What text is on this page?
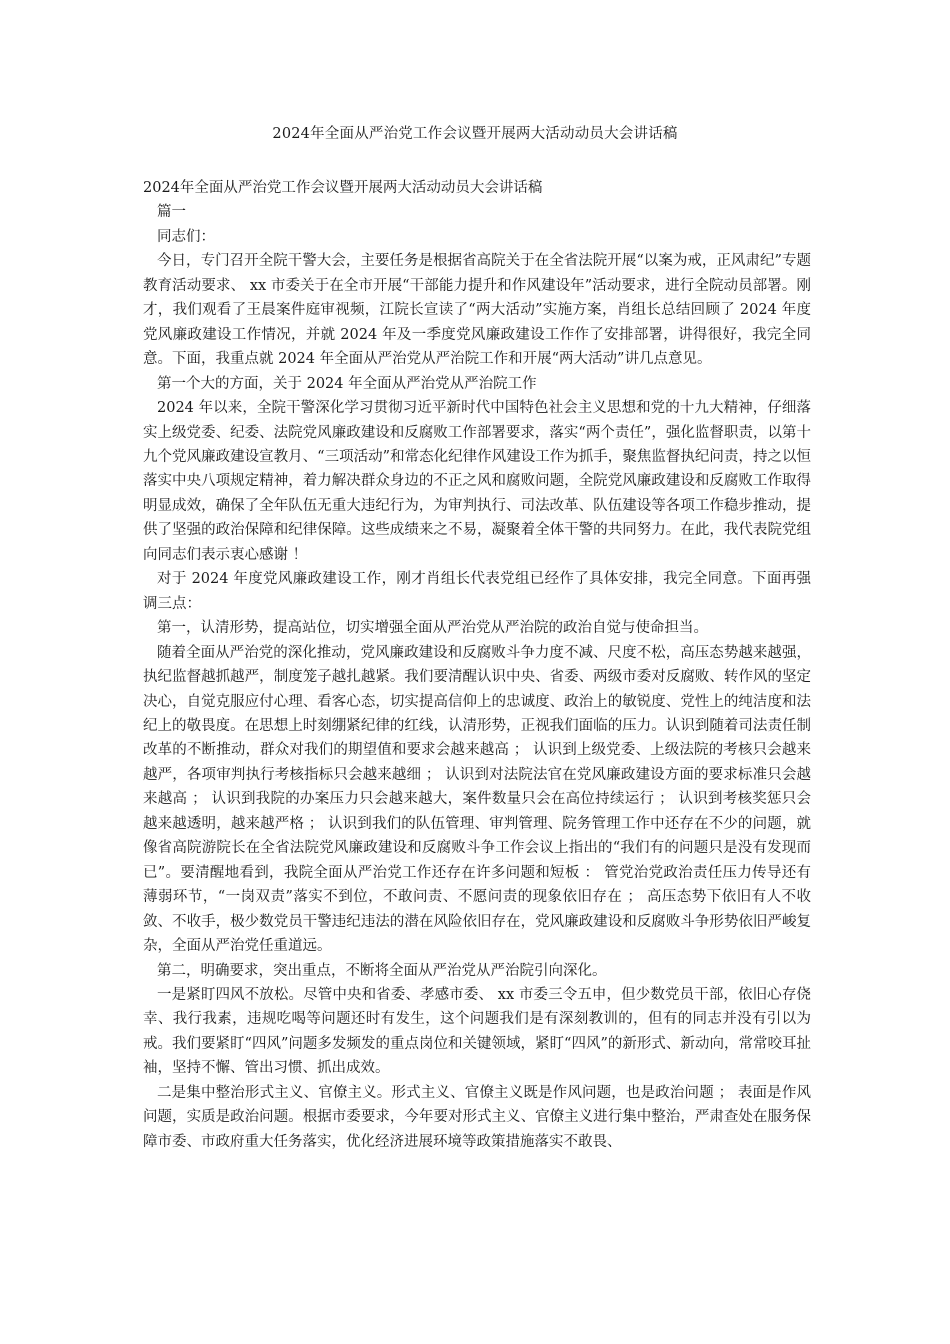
2024年全面从严治党工作会议暨开展两大活动动员大会讲话稿

2024年全面从严治党工作会议暨开展两大活动动员大会讲话稿

篇一

同志们：

今日，专门召开全院干警大会，主要任务是根据省高院关于在全省法院开展“以案为戒，正风肃纪”专题教育活动要求、 xx 市委关于在全市开展“干部能力提升和作风建设年”活动要求，进行全院动员部署。刚才，我们观看了王晨案件庭审视频，江院长宣读了“两大活动”实施方案，肖组长总结回顾了 2024 年度党风廉政建设工作情况，并就 2024 年及一季度党风廉政建设工作作了安排部署，讲得很好，我完全同意。下面，我重点就 2024 年全面从严治党从严治院工作和开展“两大活动”讲几点意见。

第一个大的方面，关于 2024 年全面从严治党从严治院工作

2024 年以来，全院干警深化学习贯彻习近平新时代中国特色社会主义思想和党的十九大精神，仔细落实上级党委、纪委、法院党风廉政建设和反腐败工作部署要求，落实“两个责任”，强化监督职责，以第十九个党风廉政建设宣教月、“三项活动”和常态化纪律作风建设工作为抓手，聚焦监督执纪问责，持之以恒落实中央八项规定精神，着力解决群众身边的不正之风和腐败问题，全院党风廉政建设和反腐败工作取得明显成效，确保了全年队伍无重大违纪行为，为审判执行、司法改革、队伍建设等各项工作稳步推动，提供了坚强的政治保障和纪律保障。这些成绩来之不易，凝聚着全体干警的共同努力。在此，我代表院党组向同志们表示衷心感谢 ！

对于 2024 年度党风廉政建设工作，刚才肖组长代表党组已经作了具体安排，我完全同意。下面再强调三点：

第一，认清形势，提高站位，切实增强全面从严治党从严治院的政治自觉与使命担当。

随着全面从严治党的深化推动，党风廉政建设和反腐败斗争力度不减、尺度不松，高压态势越来越强，执纪监督越抓越严，制度笼子越扎越紧。我们要清醒认识中央、省委、两级市委对反腐败、转作风的坚定决心，自觉克服应付心理、看客心态，切实提高信仰上的忠诚度、政治上的敏锐度、党性上的纯洁度和法纪上的敬畏度。在思想上时刻绷紧纪律的红线，认清形势，正视我们面临的压力。认识到随着司法责任制改革的不断推动，群众对我们的期望值和要求会越来越高 ； 认识到上级党委、上级法院的考核只会越来越严，各项审判执行考核指标只会越来越细 ； 认识到对法院法官在党风廉政建设方面的要求标准只会越来越高 ； 认识到我院的办案压力只会越来越大，案件数量只会在高位持续运行 ； 认识到考核奖惩只会越来越透明，越来越严格 ； 认识到我们的队伍管理、审判管理、院务管理工作中还存在不少的问题，就像省高院游院长在全省法院党风廉政建设和反腐败斗争工作会议上指出的“我们有的问题只是没有发现而已”。要清醒地看到，我院全面从严治党工作还存在许多问题和短板 ： 管党治党政治责任压力传导还有薄弱环节，“一岗双责”落实不到位，不敢问责、不愿问责的现象依旧存在 ； 高压态势下依旧有人不收敛、不收手，极少数党员干警违纪违法的潜在风险依旧存在，党风廉政建设和反腐败斗争形势依旧严峻复杂，全面从严治党任重道远。

第二，明确要求，突出重点，不断将全面从严治党从严治院引向深化。

一是紧盯四风不放松。尽管中央和省委、孝感市委、 xx 市委三令五申，但少数党员干部，依旧心存侥幸、我行我素，违规吃喝等问题还时有发生，这个问题我们是有深刻教训的，但有的同志并没有引以为戒。我们要紧盯“四风”问题多发频发的重点岗位和关键领域，紧盯“四风”的新形式、新动向，常常咬耳扯袖，坚持不懈、管出习惯、抓出成效。

二是集中整治形式主义、官僚主义。形式主义、官僚主义既是作风问题，也是政治问题 ； 表面是作风问题，实质是政治问题。根据市委要求，今年要对形式主义、官僚主义进行集中整治，严肃查处在服务保障市委、市政府重大任务落实，优化经济进展环境等政策措施落实不敢畏、
